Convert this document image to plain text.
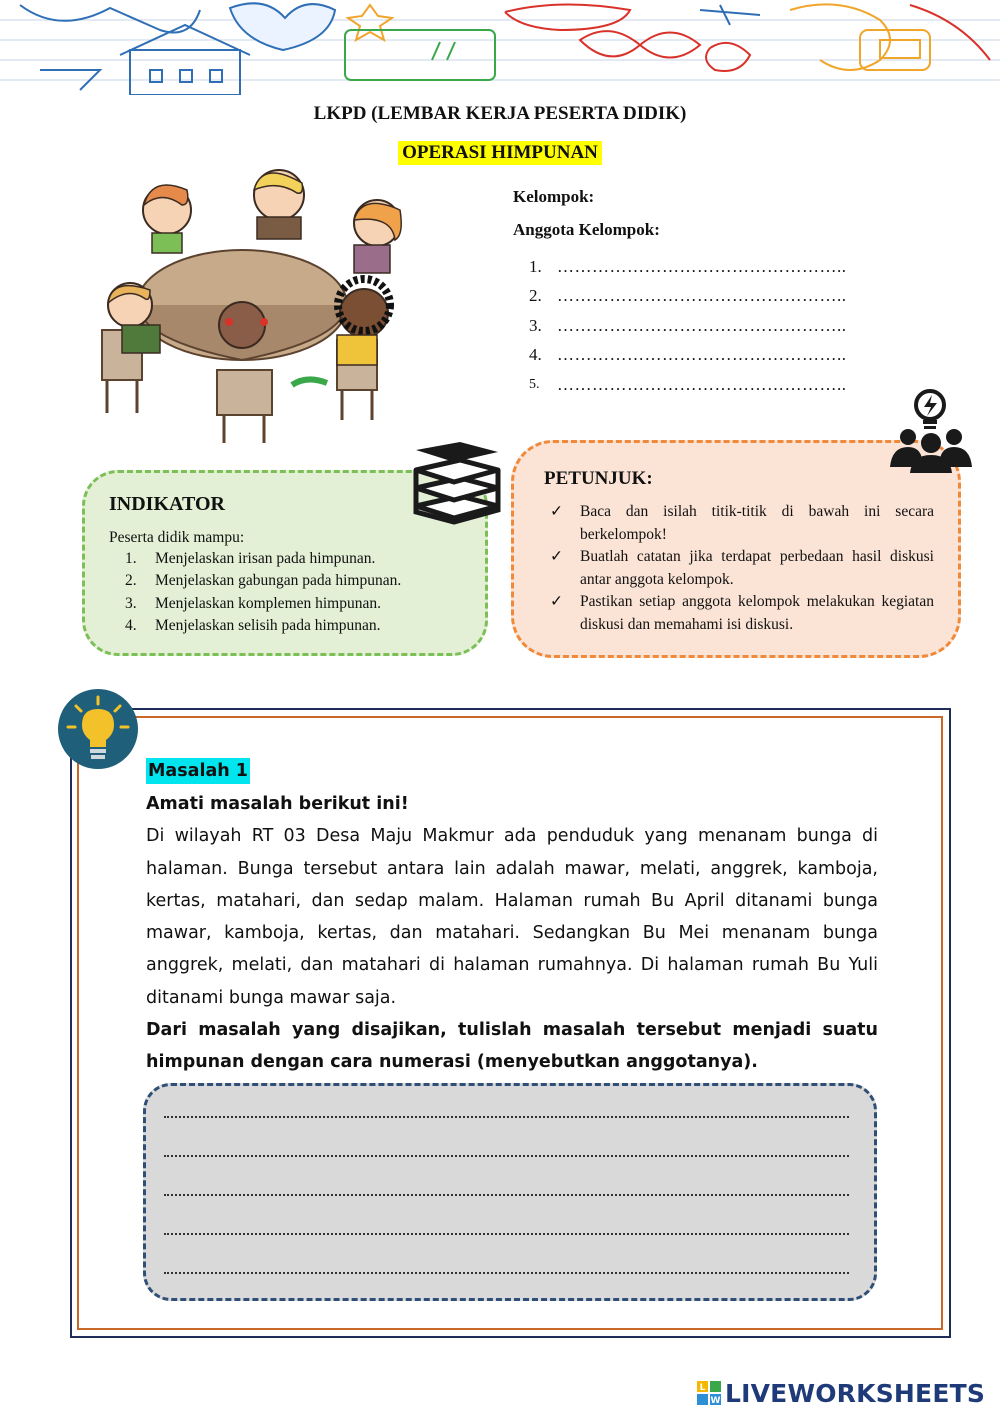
LKPD (LEMBAR KERJA PESERTA DIDIK)
OPERASI HIMPUNAN
Kelompok:
Anggota Kelompok:
1. …………………………………………..
2. …………………………………………..
3. …………………………………………..
4. …………………………………………..
5.	…………………………………………..
INDIKATOR
Peserta didik mampu:
1.	Menjelaskan irisan pada himpunan.
2.	Menjelaskan gabungan pada himpunan.
3.	Menjelaskan komplemen himpunan.
4.	Menjelaskan selisih pada himpunan.
PETUNJUK:
✓	Baca dan isilah titik-titik di bawah ini secara berkelompok!
✓	Buatlah catatan jika terdapat perbedaan hasil diskusi antar anggota kelompok.
✓	Pastikan setiap anggota kelompok melakukan kegiatan diskusi dan memahami isi diskusi.
Masalah 1

Amati masalah berikut ini!

Di wilayah RT 03 Desa Maju Makmur ada penduduk yang menanam bunga di halaman. Bunga tersebut antara lain adalah mawar, melati, anggrek, kamboja, kertas, matahari, dan sedap malam. Halaman rumah Bu April ditanami bunga mawar, kamboja, kertas, dan matahari. Sedangkan Bu Mei menanam bunga anggrek, melati, dan matahari di halaman rumahnya. Di halaman rumah Bu Yuli ditanami bunga mawar saja.

Dari masalah yang disajikan, tulislah masalah tersebut menjadi suatu himpunan dengan cara numerasi (menyebutkan anggotanya).

L
W LIVEWORKSHEETS
